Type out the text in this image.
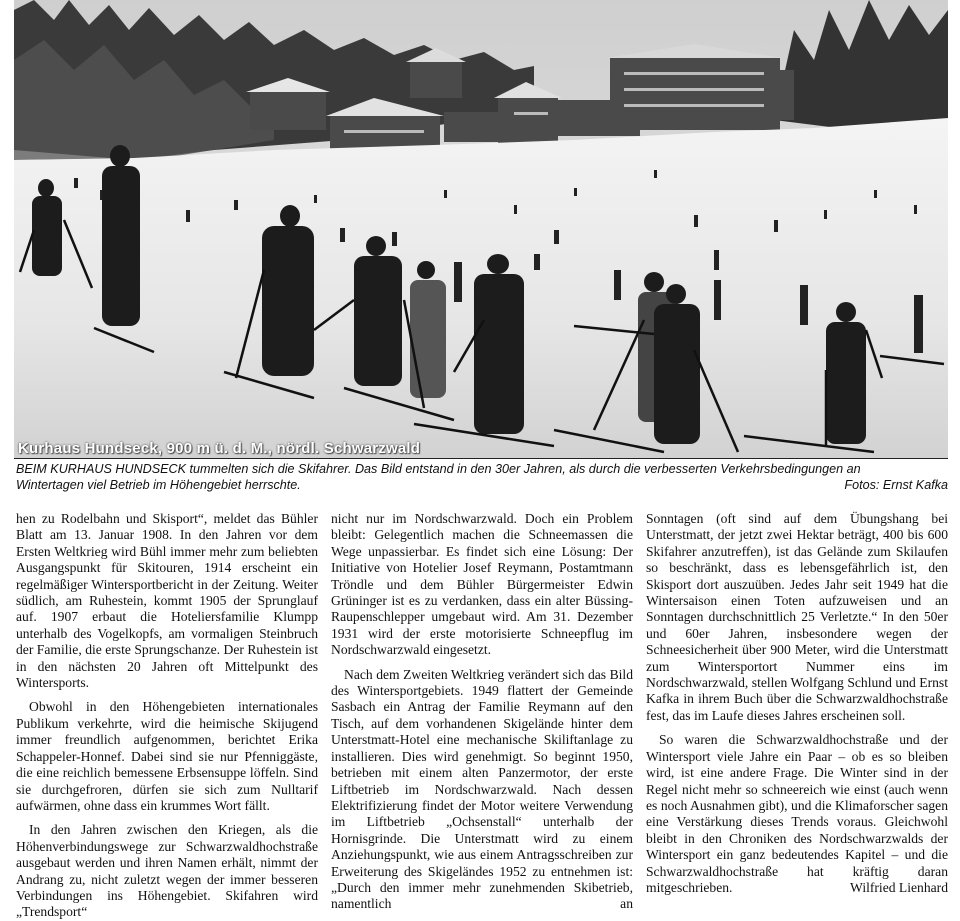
Kurhaus Hundseck, 900 m ü. d. M., nördl. Schwarzwald
BEIM KURHAUS HUNDSECK tummelten sich die Skifahrer. Das Bild entstand in den 30er Jahren, als durch die verbesserten Verkehrsbedingungen an
Wintertagen viel Betrieb im Höhengebiet herrschte.	Fotos: Ernst Kafka

hen zu Rodelbahn und Skisport“, meldet das Bühler Blatt am 13. Januar 1908. In den Jahren vor dem Ersten Weltkrieg wird Bühl immer mehr zum beliebten Ausgangspunkt für Skitouren, 1914 erscheint ein regelmäßiger Wintersportbericht in der Zeitung. Weiter südlich, am Ruhestein, kommt 1905 der Sprunglauf auf. 1907 erbaut die Hoteliersfamilie Klumpp unterhalb des Vogelkopfs, am vormaligen Steinbruch der Familie, die erste Sprungschanze. Der Ruhestein ist in den nächsten 20 Jahren oft Mittelpunkt des Wintersports.

Obwohl in den Höhengebieten internationales Publikum verkehrte, wird die heimische Skijugend immer freundlich aufgenommen, berichtet Erika Schappeler-Honnef. Dabei sind sie nur Pfenniggäste, die eine reichlich bemessene Erbsensuppe löffeln. Sind sie durchgefroren, dürfen sie sich zum Nulltarif aufwärmen, ohne dass ein krummes Wort fällt.

In den Jahren zwischen den Kriegen, als die Höhenverbindungswege zur Schwarzwaldhochstraße ausgebaut werden und ihren Namen erhält, nimmt der Andrang zu, nicht zuletzt wegen der immer besseren Verbindungen ins Höhengebiet. Skifahren wird „Trendsport“

nicht nur im Nordschwarzwald. Doch ein Problem bleibt: Gelegentlich machen die Schneemassen die Wege unpassierbar. Es findet sich eine Lösung: Der Initiative von Hotelier Josef Reymann, Postamtmann Tröndle und dem Bühler Bürgermeister Edwin Grüninger ist es zu verdanken, dass ein alter Büssing-Raupenschlepper umgebaut wird. Am 31. Dezember 1931 wird der erste motorisierte Schneepflug im Nordschwarzwald eingesetzt.

Nach dem Zweiten Weltkrieg verändert sich das Bild des Wintersportgebiets. 1949 flattert der Gemeinde Sasbach ein Antrag der Familie Reymann auf den Tisch, auf dem vorhandenen Skigelände hinter dem Unterstmatt-Hotel eine mechanische Skiliftanlage zu installieren. Dies wird genehmigt. So beginnt 1950, betrieben mit einem alten Panzermotor, der erste Liftbetrieb im Nordschwarzwald. Nach dessen Elektrifizierung findet der Motor weitere Verwendung im Liftbetrieb „Ochsenstall“ unterhalb der Hornisgrinde. Die Unterstmatt wird zu einem Anziehungspunkt, wie aus einem Antragsschreiben zur Erweiterung des Skigeländes 1952 zu entnehmen ist: „Durch den immer mehr zunehmenden Skibetrieb, namentlich an

Sonntagen (oft sind auf dem Übungshang bei Unterstmatt, der jetzt zwei Hektar beträgt, 400 bis 600 Skifahrer anzutreffen), ist das Gelände zum Skilaufen so beschränkt, dass es lebensgefährlich ist, den Skisport dort auszuüben. Jedes Jahr seit 1949 hat die Wintersaison einen Toten aufzuweisen und an Sonntagen durchschnittlich 25 Verletzte.“ In den 50er und 60er Jahren, insbesondere wegen der Schneesicherheit über 900 Meter, wird die Unterstmatt zum Wintersportort Nummer eins im Nordschwarzwald, stellen Wolfgang Schlund und Ernst Kafka in ihrem Buch über die Schwarzwaldhochstraße fest, das im Laufe dieses Jahres erscheinen soll.

So waren die Schwarzwaldhochstraße und der Wintersport viele Jahre ein Paar – ob es so bleiben wird, ist eine andere Frage. Die Winter sind in der Regel nicht mehr so schneereich wie einst (auch wenn es noch Ausnahmen gibt), und die Klimaforscher sagen eine Verstärkung dieses Trends voraus. Gleichwohl bleibt in den Chroniken des Nordschwarzwalds der Wintersport ein ganz bedeutendes Kapitel – und die Schwarzwaldhochstraße hat kräftig daran mitgeschrieben.	Wilfried Lienhard
